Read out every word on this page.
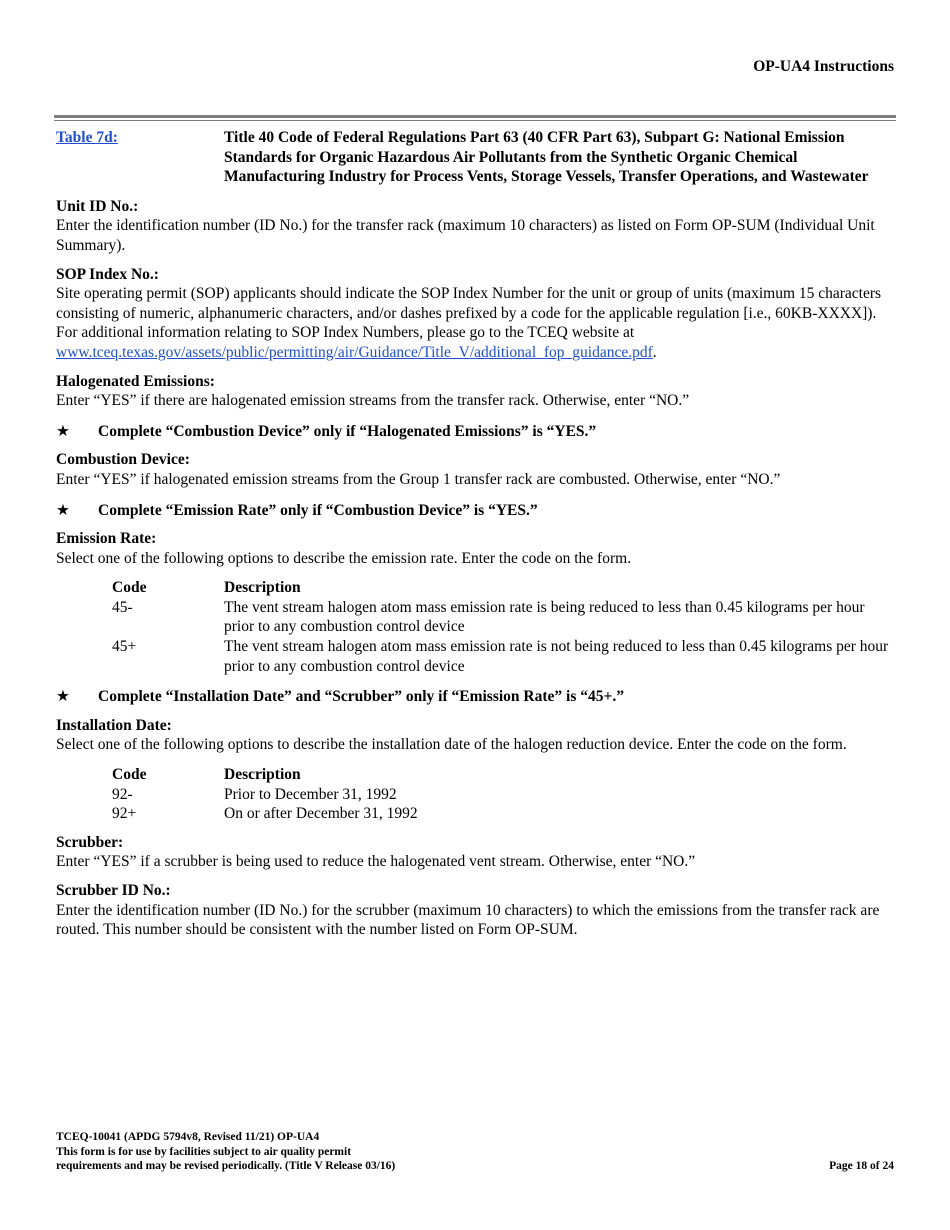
OP-UA4 Instructions
Table 7d:	Title 40 Code of Federal Regulations Part 63 (40 CFR Part 63), Subpart G: National Emission Standards for Organic Hazardous Air Pollutants from the Synthetic Organic Chemical Manufacturing Industry for Process Vents, Storage Vessels, Transfer Operations, and Wastewater
Unit ID No.:
Enter the identification number (ID No.) for the transfer rack (maximum 10 characters) as listed on Form OP-SUM (Individual Unit Summary).
SOP Index No.:
Site operating permit (SOP) applicants should indicate the SOP Index Number for the unit or group of units (maximum 15 characters consisting of numeric, alphanumeric characters, and/or dashes prefixed by a code for the applicable regulation [i.e., 60KB-XXXX]). For additional information relating to SOP Index Numbers, please go to the TCEQ website at www.tceq.texas.gov/assets/public/permitting/air/Guidance/Title_V/additional_fop_guidance.pdf.
Halogenated Emissions:
Enter “YES” if there are halogenated emission streams from the transfer rack. Otherwise, enter “NO.”
★	Complete “Combustion Device” only if “Halogenated Emissions” is “YES.”
Combustion Device:
Enter “YES” if halogenated emission streams from the Group 1 transfer rack are combusted. Otherwise, enter “NO.”
★	Complete “Emission Rate” only if “Combustion Device” is “YES.”
Emission Rate:
Select one of the following options to describe the emission rate. Enter the code on the form.
Code	Description
45-	The vent stream halogen atom mass emission rate is being reduced to less than 0.45 kilograms per hour prior to any combustion control device
45+	The vent stream halogen atom mass emission rate is not being reduced to less than 0.45 kilograms per hour prior to any combustion control device
★	Complete “Installation Date” and “Scrubber” only if “Emission Rate” is “45+.”
Installation Date:
Select one of the following options to describe the installation date of the halogen reduction device. Enter the code on the form.
Code	Description
92-	Prior to December 31, 1992
92+	On or after December 31, 1992
Scrubber:
Enter “YES” if a scrubber is being used to reduce the halogenated vent stream. Otherwise, enter “NO.”
Scrubber ID No.:
Enter the identification number (ID No.) for the scrubber (maximum 10 characters) to which the emissions from the transfer rack are routed. This number should be consistent with the number listed on Form OP-SUM.
TCEQ-10041 (APDG 5794v8, Revised 11/21) OP-UA4
This form is for use by facilities subject to air quality permit
requirements and may be revised periodically. (Title V Release 03/16)	Page 18 of 24
